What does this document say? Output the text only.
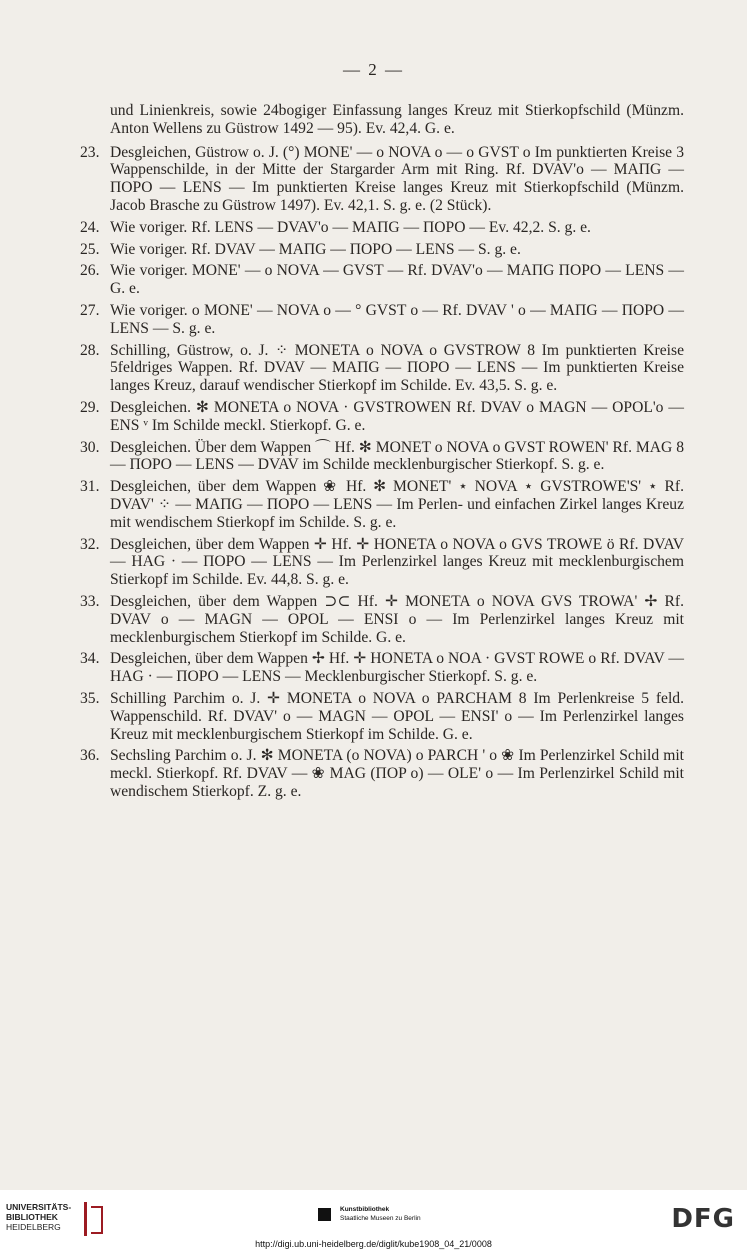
— 2 —
und Linienkreis, sowie 24bogiger Einfassung langes Kreuz mit Stierkopfschild (Münzm. Anton Wellens zu Güstrow 1492 — 95). Ev. 42,4. G. e.
23. Desgleichen, Güstrow o. J. (°) MONE' — o NOVA o — o GVST o Im punktierten Kreise 3 Wappenschilde, in der Mitte der Stargarder Arm mit Ring. Rf. DVAV'o — MAΠG — ΠOPO — LENS — Im punktierten Kreise langes Kreuz mit Stierkopfschild (Münzm. Jacob Brasche zu Güstrow 1497). Ev. 42,1. S. g. e. (2 Stück).
24. Wie voriger. Rf. LENS — DVAV'o — MAΠG — ΠOPO — Ev. 42,2. S. g. e.
25. Wie voriger. Rf. DVAV — MAΠG — ΠOPO — LENS — S. g. e.
26. Wie voriger. MONE' — o NOVA — GVST — Rf. DVAV'o — MAΠG ΠOPO — LENS — G. e.
27. Wie voriger. o MONE' — NOVA o — ° GVST o — Rf. DVAV ' o — MAΠG — ΠOPO — LENS — S. g. e.
28. Schilling, Güstrow, o. J. ⁘ MONETA o NOVA o GVSTROW 8 Im punktierten Kreise 5feldriges Wappen. Rf. DVAV — MAΠG — ΠOPO — LENS — Im punktierten Kreise langes Kreuz, darauf wendischer Stierkopf im Schilde. Ev. 43,5. S. g. e.
29. Desgleichen. ✻ MONETA o NOVA · GVSTROWEN Rf. DVAV o MAGN — OPOL'o — ENS ᵛ Im Schilde meckl. Stierkopf. G. e.
30. Desgleichen. Über dem Wappen ⌒ Hf. ✻ MONET o NOVA o GVST ROWEN' Rf. MAG 8 — ΠOPO — LENS — DVAV im Schilde mecklenburgischer Stierkopf. S. g. e.
31. Desgleichen, über dem Wappen ❀ Hf. ✻ MONET' ⋆ NOVA ⋆ GVSTROWE'S' ⋆ Rf. DVAV' ⁘ — MAΠG — ΠOPO — LENS — Im Perlen- und einfachen Zirkel langes Kreuz mit wendischem Stierkopf im Schilde. S. g. e.
32. Desgleichen, über dem Wappen ✛ Hf. ✛ HONETA o NOVA o GVS TROWE ö Rf. DVAV — HAG · — ΠOPO — LENS — Im Perlenzirkel langes Kreuz mit mecklenburgischem Stierkopf im Schilde. Ev. 44,8. S. g. e.
33. Desgleichen, über dem Wappen ⊃⊂ Hf. ✛ MONETA o NOVA GVS TROWA' ✢ Rf. DVAV o — MAGN — OPOL — ENSI o — Im Perlenzirkel langes Kreuz mit mecklenburgischem Stierkopf im Schilde. G. e.
34. Desgleichen, über dem Wappen ✢ Hf. ✛ HONETA o NOA · GVST ROWE o Rf. DVAV — HAG · — ΠOPO — LENS — Mecklenburgischer Stierkopf. S. g. e.
35. Schilling Parchim o. J. ✛ MONETA o NOVA o PARCHAM 8 Im Perlenkreise 5 feld. Wappenschild. Rf. DVAV' o — MAGN — OPOL — ENSI' o — Im Perlenzirkel langes Kreuz mit mecklenburgischem Stierkopf im Schilde. G. e.
36. Sechsling Parchim o. J. ✻ MONETA (o NOVA) o PARCH ' o ❀ Im Perlenzirkel Schild mit meckl. Stierkopf. Rf. DVAV — ❀ MAG (ΠOP o) — OLE' o — Im Perlenzirkel Schild mit wendischem Stierkopf. Z. g. e.
UNIVERSITÄTS-
BIBLIOTHEK
HEIDELBERG
Kunstbibliothek
Staatliche Museen zu Berlin	DFG
http://digi.ub.uni-heidelberg.de/diglit/kube1908_04_21/0008
